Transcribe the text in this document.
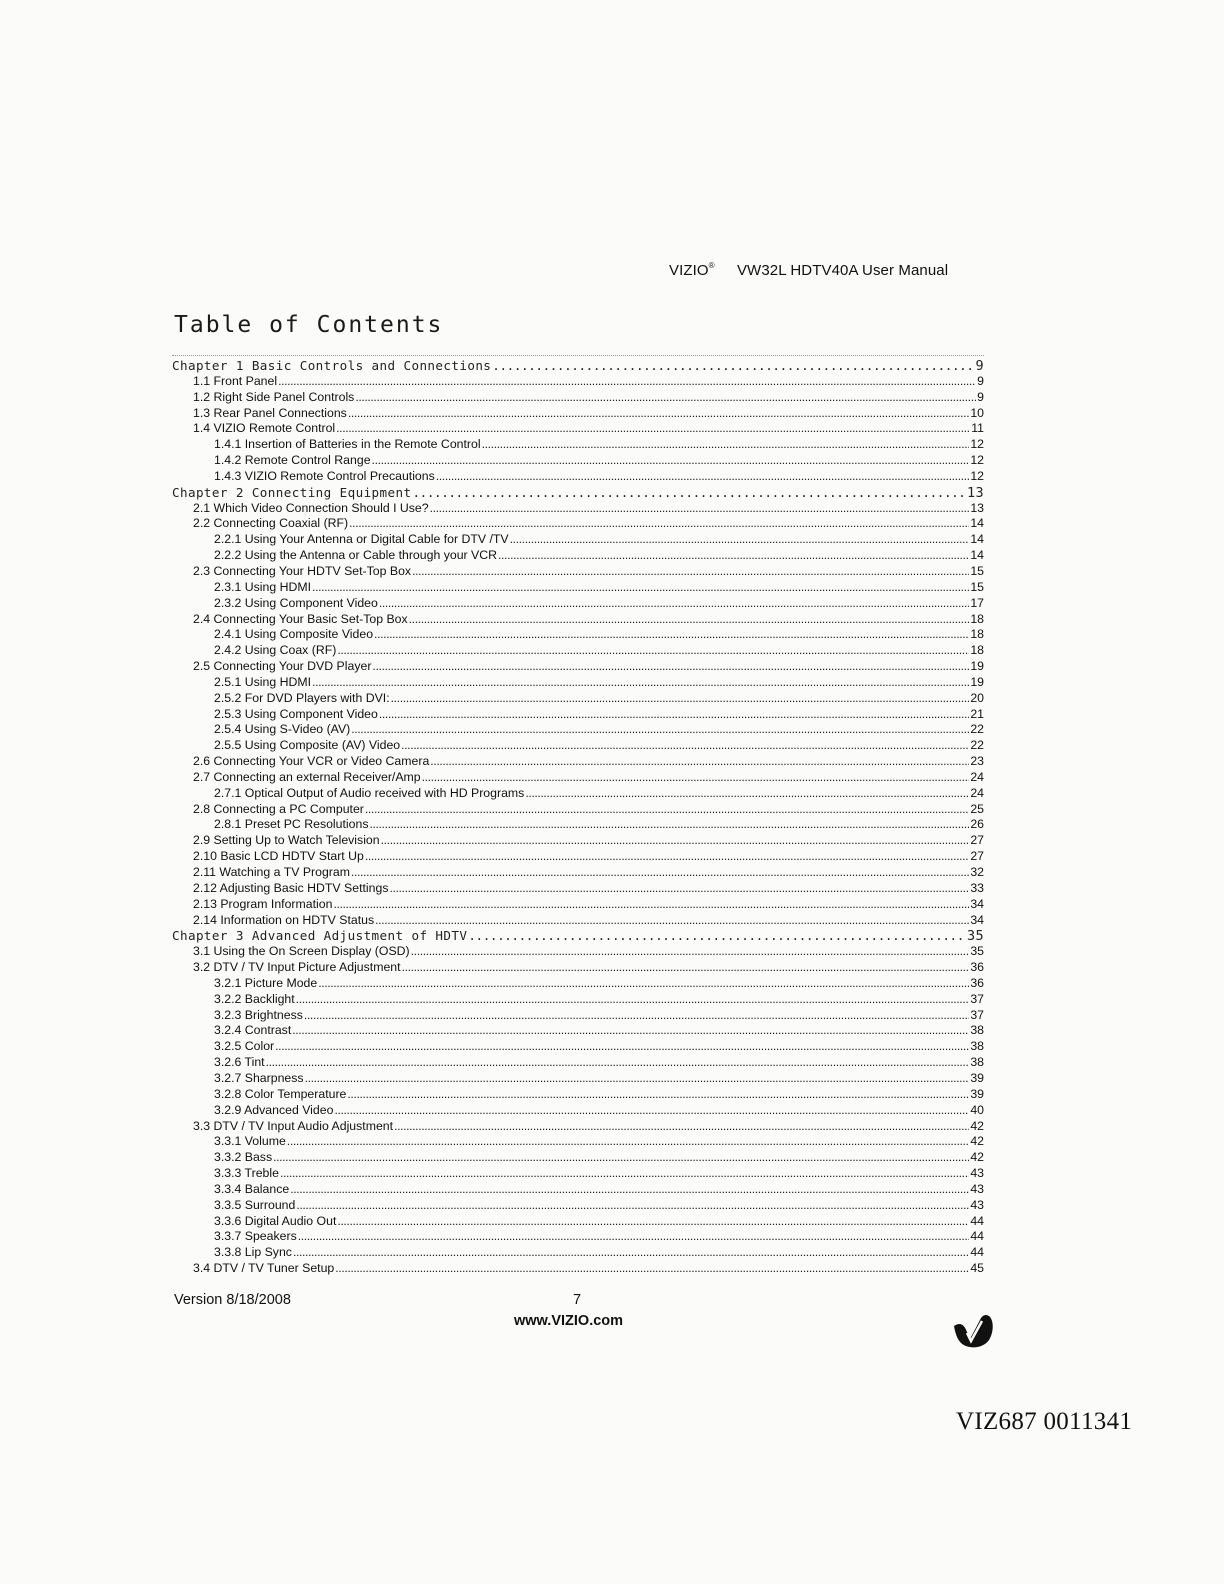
VIZIO® VW32L HDTV40A User Manual
Table of Contents
Chapter 1 Basic Controls and Connections .....	9
1.1 Front Panel .....	9
1.2 Right Side Panel Controls .....	9
1.3 Rear Panel Connections .....	10
1.4 VIZIO Remote Control .....	11
1.4.1 Insertion of Batteries in the Remote Control .....	12
1.4.2 Remote Control Range .....	12
1.4.3 VIZIO Remote Control Precautions .....	12
Chapter 2 Connecting Equipment .....	13
2.1 Which Video Connection Should I Use? .....	13
2.2 Connecting Coaxial (RF) .....	14
2.2.1 Using Your Antenna or Digital Cable for DTV /TV .....	14
2.2.2 Using the Antenna or Cable through your VCR .....	14
2.3 Connecting Your HDTV Set-Top Box .....	15
2.3.1 Using HDMI .....	15
2.3.2 Using Component Video .....	17
2.4 Connecting Your Basic Set-Top Box .....	18
2.4.1 Using Composite Video .....	18
2.4.2 Using Coax (RF) .....	18
2.5 Connecting Your DVD Player .....	19
2.5.1 Using HDMI .....	19
2.5.2 For DVD Players with DVI: .....	20
2.5.3 Using Component Video .....	21
2.5.4 Using S-Video (AV) .....	22
2.5.5 Using Composite (AV) Video .....	22
2.6 Connecting Your VCR or Video Camera .....	23
2.7 Connecting an external Receiver/Amp .....	24
2.7.1 Optical Output of Audio received with HD Programs .....	24
2.8 Connecting a PC Computer .....	25
2.8.1 Preset PC Resolutions .....	26
2.9 Setting Up to Watch Television .....	27
2.10 Basic LCD HDTV Start Up .....	27
2.11 Watching a TV Program .....	32
2.12 Adjusting Basic HDTV Settings .....	33
2.13 Program Information .....	34
2.14 Information on HDTV Status .....	34
Chapter 3 Advanced Adjustment of HDTV .....	35
3.1 Using the On Screen Display (OSD) .....	35
3.2 DTV / TV Input Picture Adjustment .....	36
3.2.1 Picture Mode .....	36
3.2.2 Backlight .....	37
3.2.3 Brightness .....	37
3.2.4 Contrast .....	38
3.2.5 Color .....	38
3.2.6 Tint .....	38
3.2.7 Sharpness .....	39
3.2.8 Color Temperature .....	39
3.2.9 Advanced Video .....	40
3.3 DTV / TV Input Audio Adjustment .....	42
3.3.1 Volume .....	42
3.3.2 Bass .....	42
3.3.3 Treble .....	43
3.3.4 Balance .....	43
3.3.5 Surround .....	43
3.3.6 Digital Audio Out .....	44
3.3.7 Speakers .....	44
3.3.8 Lip Sync .....	44
3.4 DTV / TV Tuner Setup .....	45
Version 8/18/2008	7
www.VIZIO.com
VIZ687 0011341
